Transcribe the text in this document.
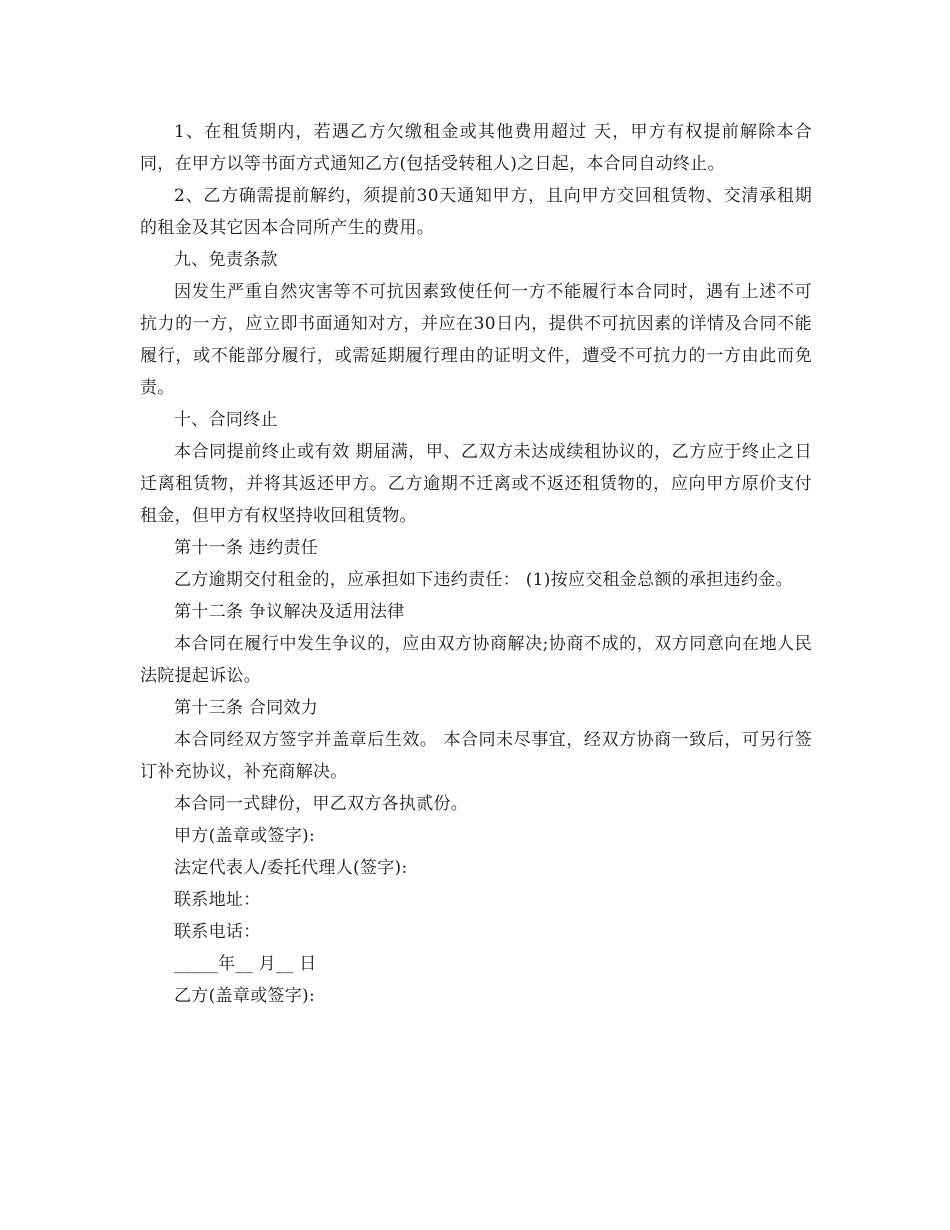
1、在租赁期内，若遇乙方欠缴租金或其他费用超过 天，甲方有权提前解除本合同，在甲方以等书面方式通知乙方(包括受转租人)之日起，本合同自动终止。

2、乙方确需提前解约，须提前30天通知甲方，且向甲方交回租赁物、交清承租期的租金及其它因本合同所产生的费用。

九、免责条款

因发生严重自然灾害等不可抗因素致使任何一方不能履行本合同时，遇有上述不可抗力的一方，应立即书面通知对方，并应在30日内，提供不可抗因素的详情及合同不能履行，或不能部分履行，或需延期履行理由的证明文件，遭受不可抗力的一方由此而免责。

十、合同终止

本合同提前终止或有效 期届满，甲、乙双方未达成续租协议的，乙方应于终止之日迁离租赁物，并将其返还甲方。乙方逾期不迁离或不返还租赁物的，应向甲方原价支付租金，但甲方有权坚持收回租赁物。

第十一条 违约责任

乙方逾期交付租金的，应承担如下违约责任： (1)按应交租金总额的承担违约金。

第十二条 争议解决及适用法律

本合同在履行中发生争议的，应由双方协商解决;协商不成的，双方同意向在地人民法院提起诉讼。

第十三条 合同效力

本合同经双方签字并盖章后生效。 本合同未尽事宜，经双方协商一致后，可另行签订补充协议，补充商解决。

本合同一式肆份，甲乙双方各执贰份。

甲方(盖章或签字):

法定代表人/委托代理人(签字):

联系地址：

联系电话：

_____年__ 月__ 日

乙方(盖章或签字):
